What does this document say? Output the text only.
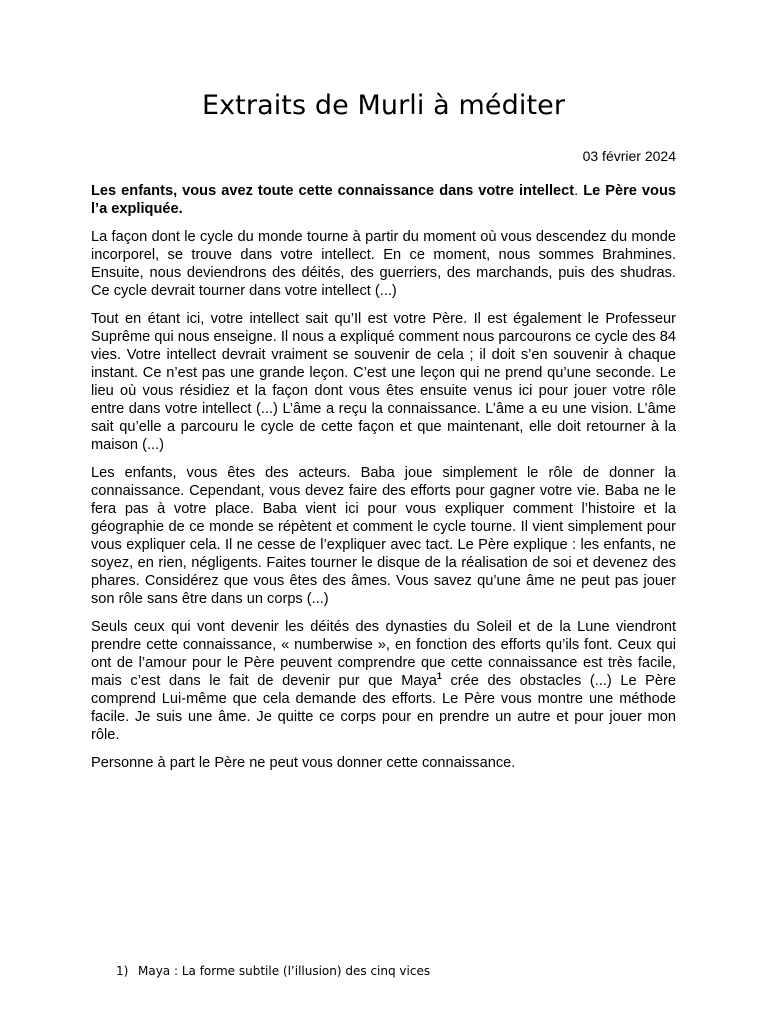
Extraits de Murli à méditer

03 février 2024

Les enfants, vous avez toute cette connaissance dans votre intellect. Le Père vous l’a expliquée.

La façon dont le cycle du monde tourne à partir du moment où vous descendez du monde incorporel, se trouve dans votre intellect. En ce moment, nous sommes Brahmines. Ensuite, nous deviendrons des déités, des guerriers, des marchands, puis des shudras. Ce cycle devrait tourner dans votre intellect (...)

Tout en étant ici, votre intellect sait qu’Il est votre Père. Il est également le Professeur Suprême qui nous enseigne. Il nous a expliqué comment nous parcourons ce cycle des 84 vies. Votre intellect devrait vraiment se souvenir de cela ; il doit s’en souvenir à chaque instant. Ce n’est pas une grande leçon. C’est une leçon qui ne prend qu’une seconde. Le lieu où vous résidiez et la façon dont vous êtes ensuite venus ici pour jouer votre rôle entre dans votre intellect (...) L’âme a reçu la connaissance. L’âme a eu une vision. L’âme sait qu’elle a parcouru le cycle de cette façon et que maintenant, elle doit retourner à la maison (...)

Les enfants, vous êtes des acteurs. Baba joue simplement le rôle de donner la connaissance. Cependant, vous devez faire des efforts pour gagner votre vie. Baba ne le fera pas à votre place. Baba vient ici pour vous expliquer comment l’histoire et la géographie de ce monde se répètent et comment le cycle tourne. Il vient simplement pour vous expliquer cela. Il ne cesse de l’expliquer avec tact. Le Père explique : les enfants, ne soyez, en rien, négligents. Faites tourner le disque de la réalisation de soi et devenez des phares. Considérez que vous êtes des âmes. Vous savez qu’une âme ne peut pas jouer son rôle sans être dans un corps (...)

Seuls ceux qui vont devenir les déités des dynasties du Soleil et de la Lune viendront prendre cette connaissance, « numberwise », en fonction des efforts qu’ils font. Ceux qui ont de l’amour pour le Père peuvent comprendre que cette connaissance est très facile, mais c’est dans le fait de devenir pur que Maya$^1$ crée des obstacles (...) Le Père comprend Lui-même que cela demande des efforts. Le Père vous montre une méthode facile. Je suis une âme. Je quitte ce corps pour en prendre un autre et pour jouer mon rôle.

Personne à part le Père ne peut vous donner cette connaissance.

1) Maya : La forme subtile (l’illusion) des cinq vices
